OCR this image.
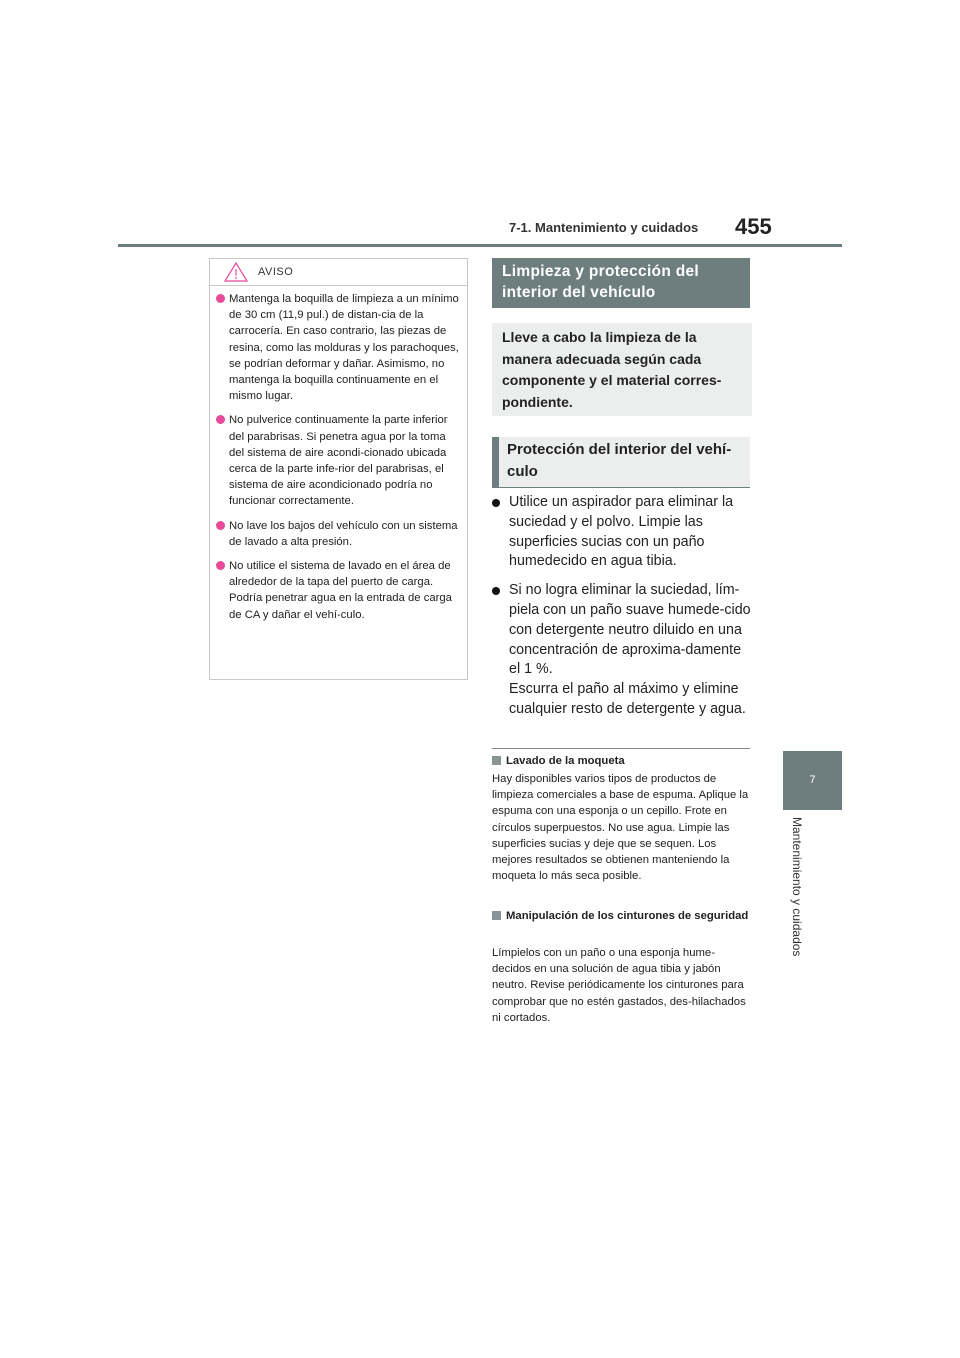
7-1. Mantenimiento y cuidados 455
7
Mantenimiento y cuidados
AVISO
Mantenga la boquilla de limpieza a un mínimo de 30 cm (11,9 pul.) de distan-cia de la carrocería. En caso contrario, las piezas de resina, como las molduras y los parachoques, se podrían deformar y dañar. Asimismo, no mantenga la boquilla continuamente en el mismo lugar.
No pulverice continuamente la parte inferior del parabrisas. Si penetra agua por la toma del sistema de aire acondi-cionado ubicada cerca de la parte infe-rior del parabrisas, el sistema de aire acondicionado podría no funcionar correctamente.
No lave los bajos del vehículo con un sistema de lavado a alta presión.
No utilice el sistema de lavado en el área de alrededor de la tapa del puerto de carga. Podría penetrar agua en la entrada de carga de CA y dañar el vehí-culo.
Limpieza y protección del interior del vehículo
Lleve a cabo la limpieza de la manera adecuada según cada componente y el material corres-pondiente.
Protección del interior del vehí-culo
Utilice un aspirador para eliminar la suciedad y el polvo. Limpie las superficies sucias con un paño humedecido en agua tibia.
Si no logra eliminar la suciedad, lím-piela con un paño suave humede-cido con detergente neutro diluido en una concentración de aproxima-damente el 1 %.
Escurra el paño al máximo y elimine cualquier resto de detergente y agua.
Lavado de la moqueta
Hay disponibles varios tipos de productos de limpieza comerciales a base de espuma. Aplique la espuma con una esponja o un cepillo. Frote en círculos superpuestos. No use agua. Limpie las superficies sucias y deje que se sequen. Los mejores resultados se obtienen manteniendo la moqueta lo más seca posible.
Manipulación de los cinturones de seguridad
Límpielos con un paño o una esponja hume-decidos en una solución de agua tibia y jabón neutro. Revise periódicamente los cinturones para comprobar que no estén gastados, des-hilachados ni cortados.
